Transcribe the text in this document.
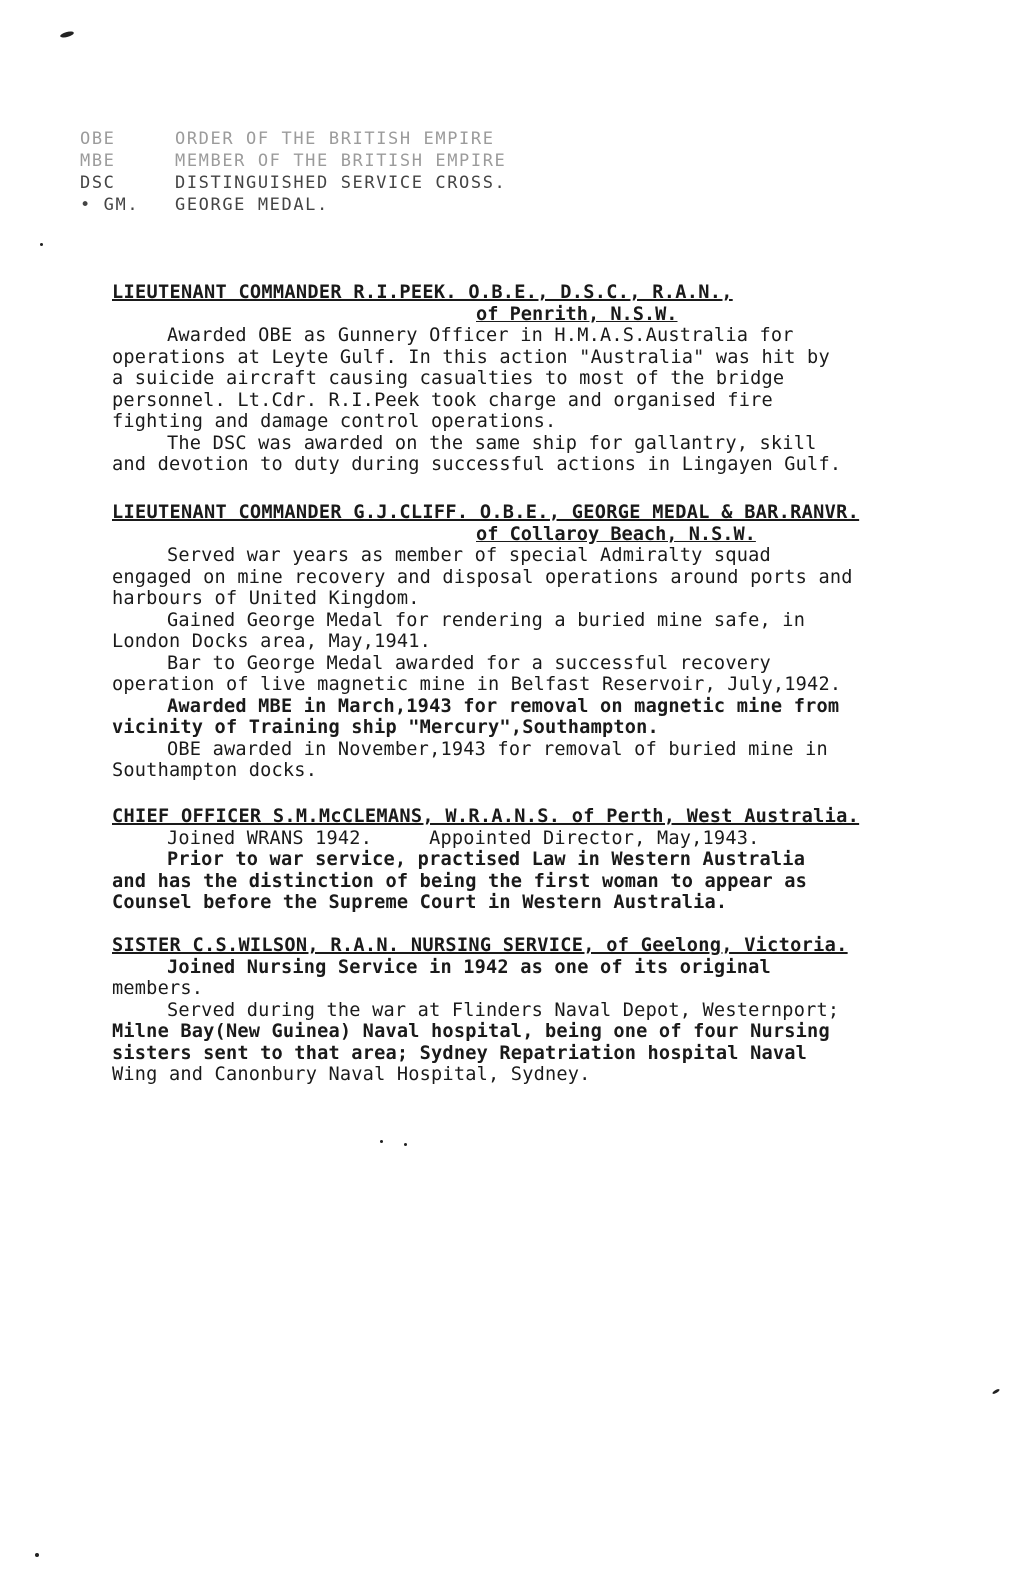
OBE	ORDER OF THE BRITISH EMPIRE
MBE	MEMBER OF THE BRITISH EMPIRE
DSC	DISTINGUISHED SERVICE CROSS.
• GM.	GEORGE MEDAL.
LIEUTENANT COMMANDER R.I.PEEK. O.B.E., D.S.C., R.A.N.,
of Penrith, N.S.W.
Awarded OBE as Gunnery Officer in H.M.A.S.Australia for
operations at Leyte Gulf. In this action "Australia" was hit by
a suicide aircraft causing casualties to most of the bridge
personnel. Lt.Cdr. R.I.Peek took charge and organised fire
fighting and damage control operations.
The DSC was awarded on the same ship for gallantry, skill
and devotion to duty during successful actions in Lingayen Gulf.
LIEUTENANT COMMANDER G.J.CLIFF. O.B.E., GEORGE MEDAL & BAR.RANVR.
of Collaroy Beach, N.S.W.
Served war years as member of special Admiralty squad
engaged on mine recovery and disposal operations around ports and
harbours of United Kingdom.
Gained George Medal for rendering a buried mine safe, in
London Docks area, May,1941.
Bar to George Medal awarded for a successful recovery
operation of live magnetic mine in Belfast Reservoir, July,1942.
Awarded MBE in March,1943 for removal on magnetic mine from
vicinity of Training ship "Mercury",Southampton.
OBE awarded in November,1943 for removal of buried mine in
Southampton docks.
CHIEF OFFICER S.M.McCLEMANS, W.R.A.N.S. of Perth, West Australia.
Joined WRANS 1942.     Appointed Director, May,1943.
Prior to war service, practised Law in Western Australia
and has the distinction of being the first woman to appear as
Counsel before the Supreme Court in Western Australia.
SISTER C.S.WILSON, R.A.N. NURSING SERVICE, of Geelong, Victoria.
Joined Nursing Service in 1942 as one of its original
members.
Served during the war at Flinders Naval Depot, Westernport;
Milne Bay(New Guinea) Naval hospital, being one of four Nursing
sisters sent to that area; Sydney Repatriation hospital Naval
Wing and Canonbury Naval Hospital, Sydney.
